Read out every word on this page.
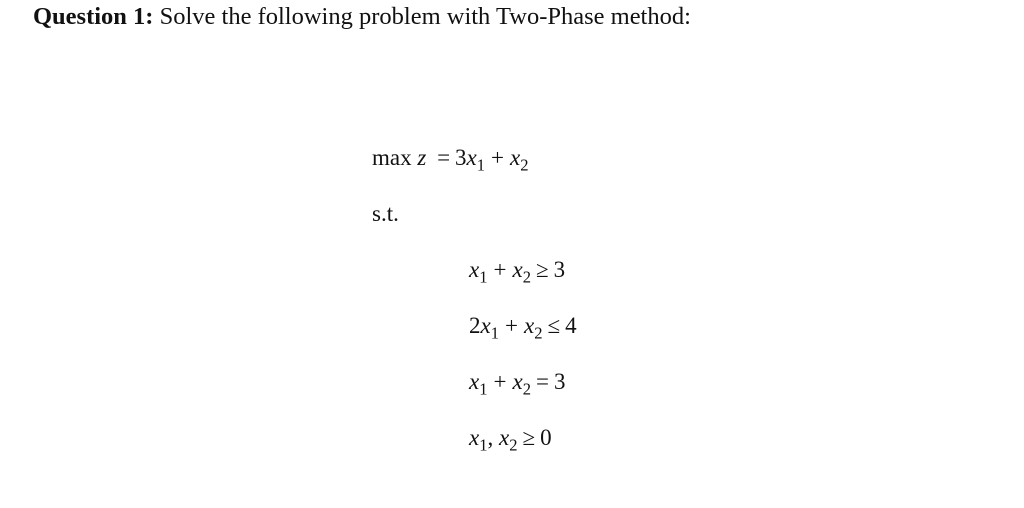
Question 1: Solve the following problem with Two-Phase method:
$\max z = 3x_1 + x_2$
s.t.
$x_1 + x_2 \ge 3$
$2x_1 + x_2 \le 4$
$x_1 + x_2 = 3$
$x_1$, $x_2 \ge 0$
